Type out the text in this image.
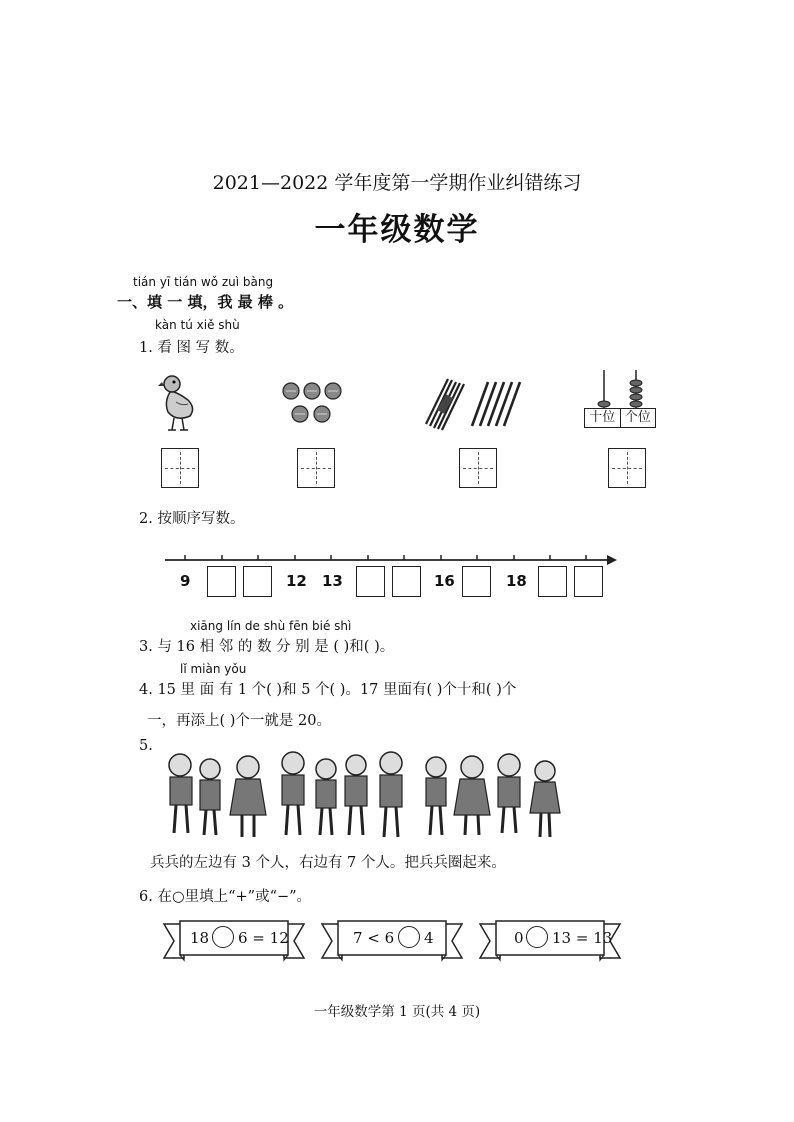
2021—2022 学年度第一学期作业纠错练习
一年级数学
tián yī tián wǒ zuì bàng
一、填 一 填，我 最 棒 。
kàn tú xiě shù
1. 看 图 写 数。
十位 个位
2. 按顺序写数。
9	12 13	16	18
xiāng lín de shù fēn bié shì
3. 与 16 相 邻 的 数 分 别 是 ( )和( )。
lǐ miàn yǒu
4. 15 里 面 有 1 个( )和 5 个( )。17 里面有( )个十和( )个
一，再添上( )个一就是 20。
5.
兵兵的左边有 3 个人，右边有 7 个人。把兵兵圈起来。
6. 在○里填上“+”或“−”。
18 6 = 12	7 < 6 4	0 13 = 13
一年级数学第 1 页(共 4 页)
